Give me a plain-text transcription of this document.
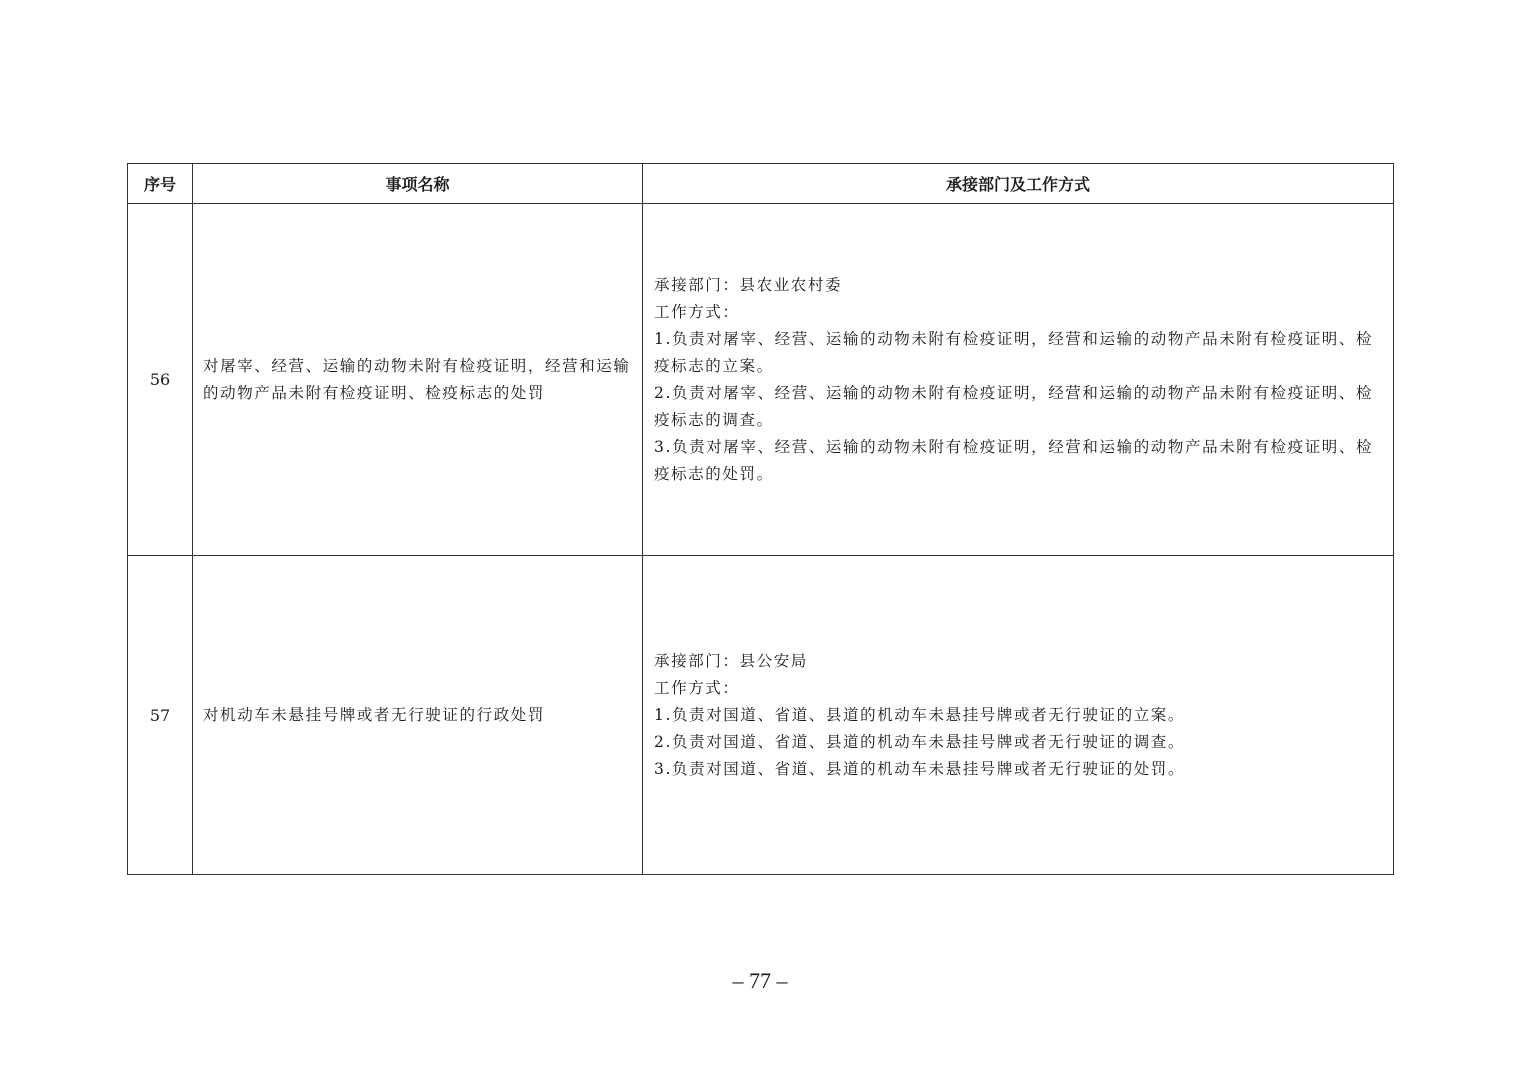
序号	事项名称	承接部门及工作方式
56	对屠宰、经营、运输的动物未附有检疫证明，经营和运输的动物产品未附有检疫证明、检疫标志的处罚	承接部门：县农业农村委
工作方式：
1.负责对屠宰、经营、运输的动物未附有检疫证明，经营和运输的动物产品未附有检疫证明、检疫标志的立案。
2.负责对屠宰、经营、运输的动物未附有检疫证明，经营和运输的动物产品未附有检疫证明、检疫标志的调查。
3.负责对屠宰、经营、运输的动物未附有检疫证明，经营和运输的动物产品未附有检疫证明、检疫标志的处罚。

57	对机动车未悬挂号牌或者无行驶证的行政处罚	承接部门：县公安局
工作方式：
1.负责对国道、省道、县道的机动车未悬挂号牌或者无行驶证的立案。
2.负责对国道、省道、县道的机动车未悬挂号牌或者无行驶证的调查。
3.负责对国道、省道、县道的机动车未悬挂号牌或者无行驶证的处罚。
– 77 –
